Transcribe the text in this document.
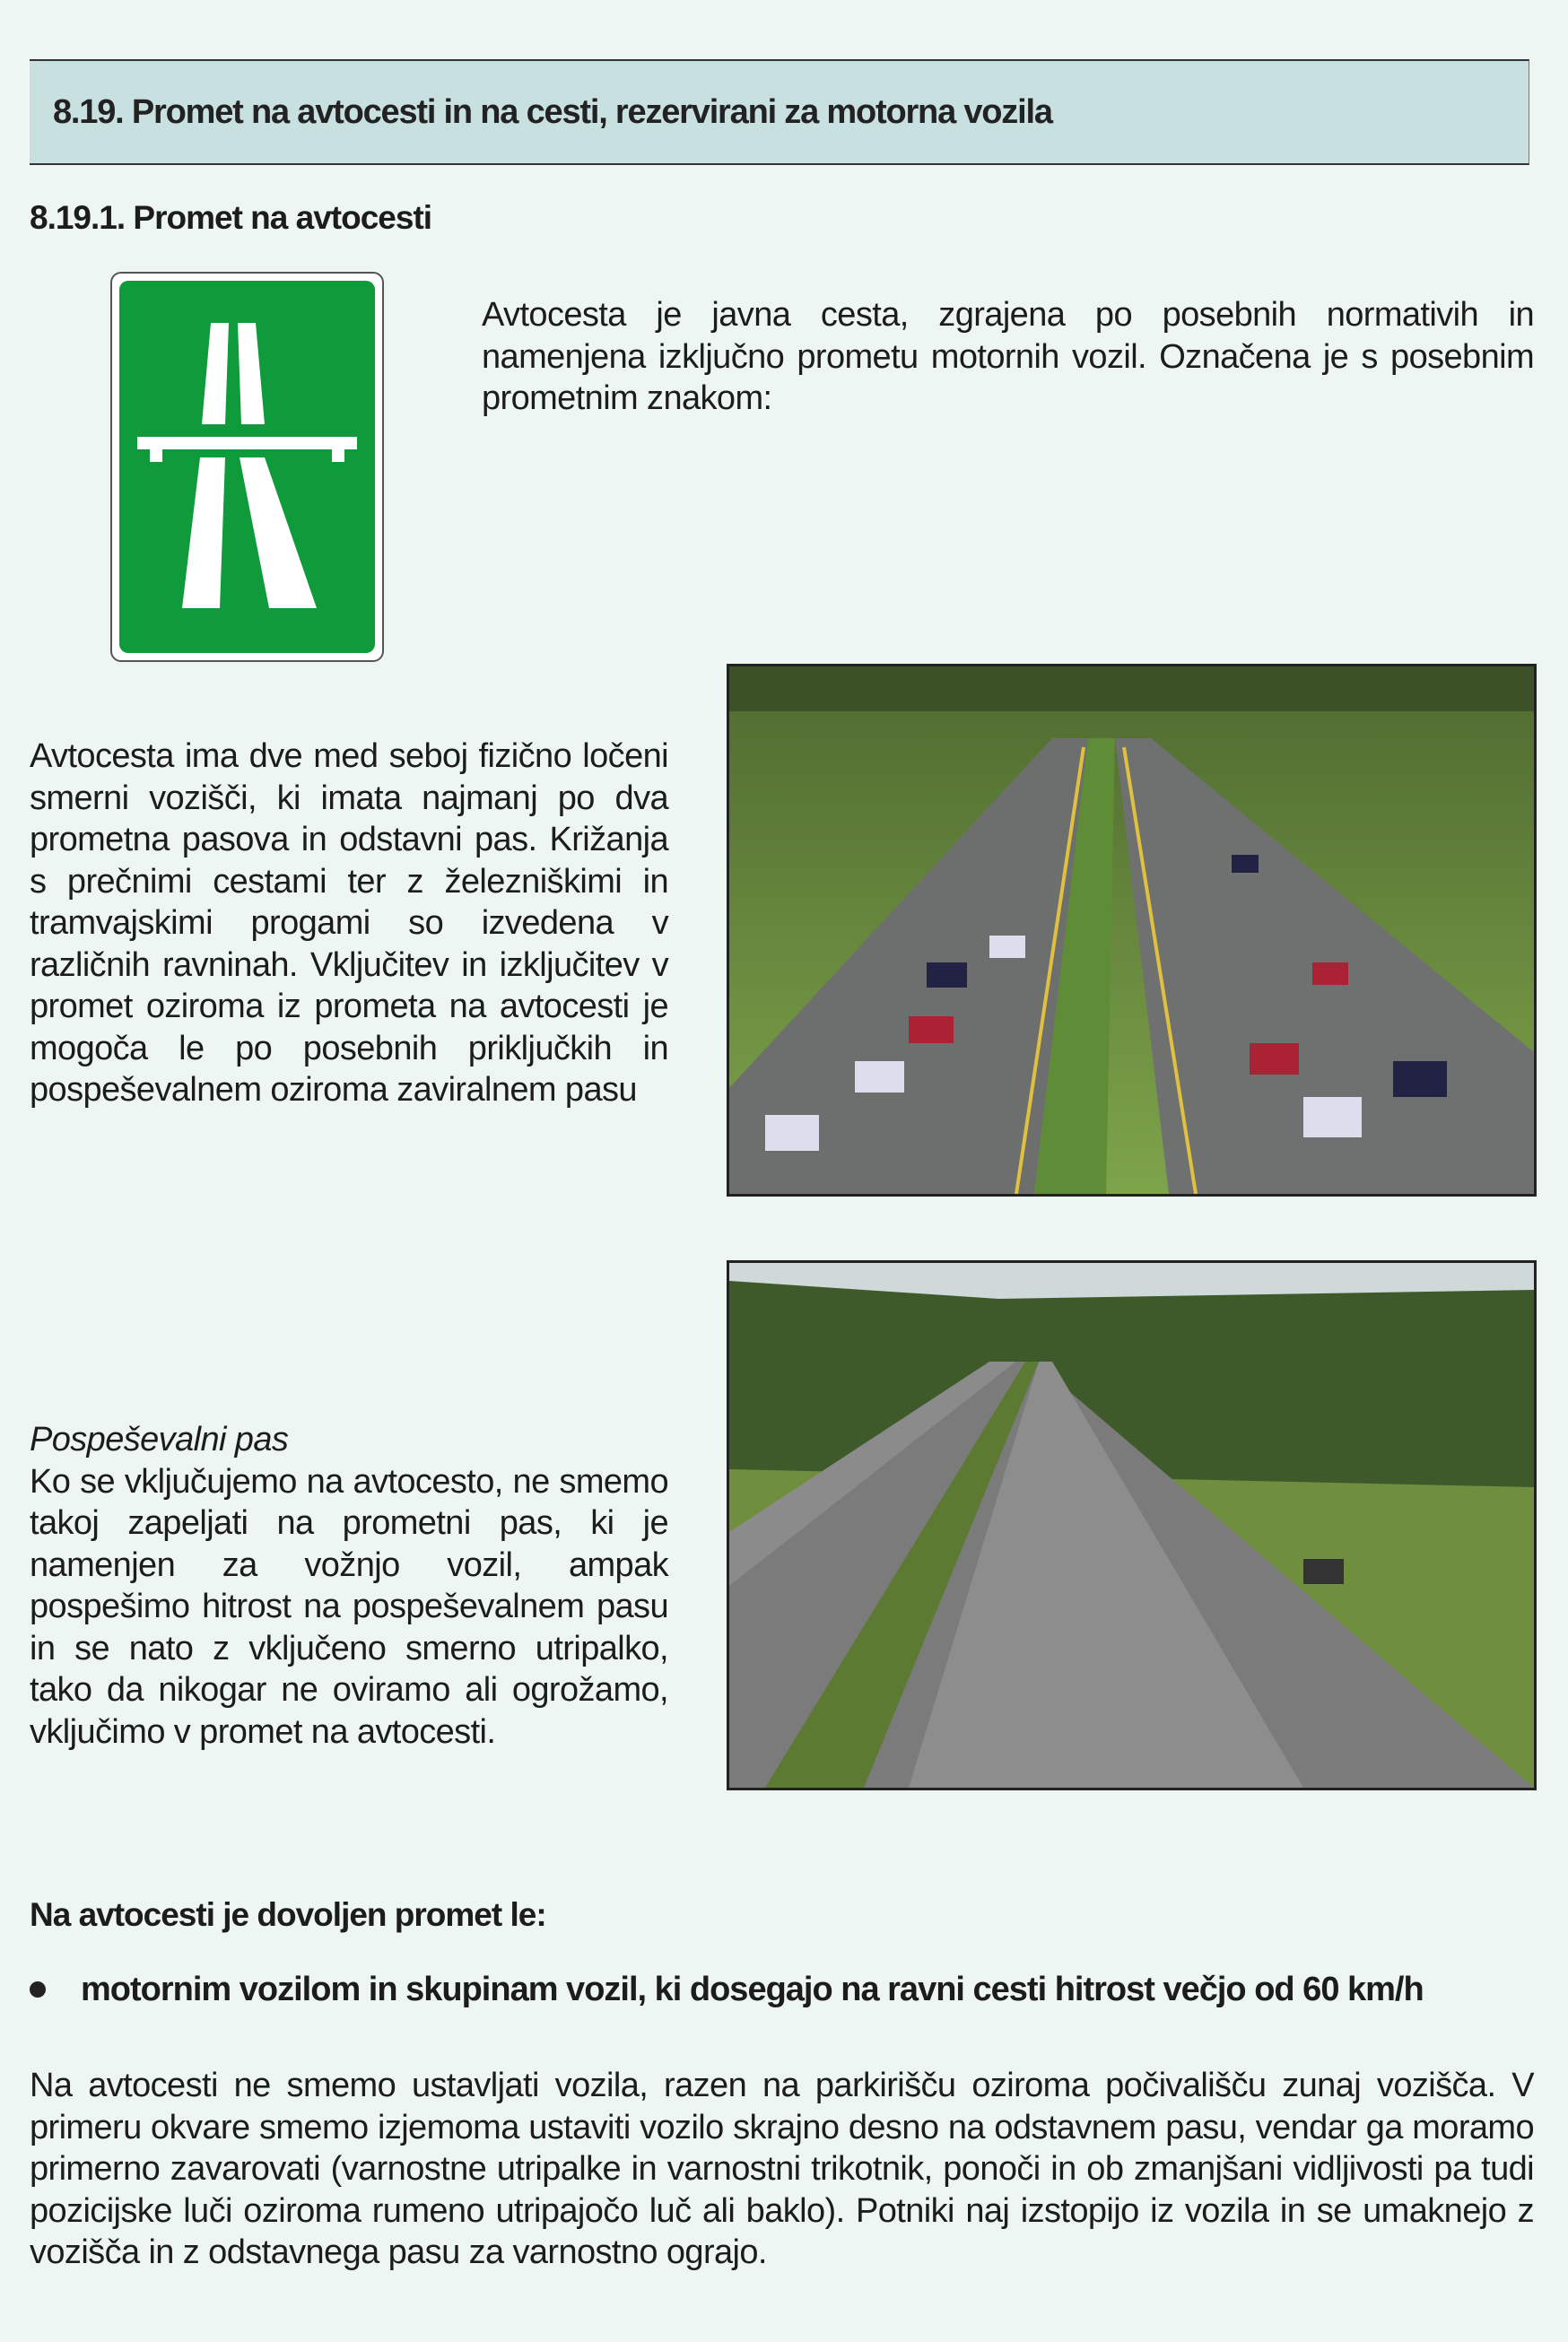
8.19. Promet na avtocesti in na cesti, rezervirani za motorna vozila
8.19.1. Promet na avtocesti
Avtocesta je javna cesta, zgrajena po posebnih normativih in namenjena izključno prometu motornih vozil. Označena je s posebnim prometnim znakom:
Avtocesta ima dve med seboj fizično ločeni smerni vozišči, ki imata najmanj po dva prometna pasova in odstavni pas. Križanja s prečnimi cestami ter z železniškimi in tramvajskimi progami so izvedena v različnih ravninah. Vključitev in izključitev v promet oziroma iz prometa na avtocesti je mogoča le po posebnih priključkih in pospeševalnem oziroma zaviralnem pasu
Pospeševalni pas
Ko se vključujemo na avtocesto, ne smemo takoj zapeljati na prometni pas, ki je namenjen za vožnjo vozil, ampak pospešimo hitrost na pospeševalnem pasu in se nato z vključeno smerno utripalko, tako da nikogar ne oviramo ali ogrožamo, vključimo v promet na avtocesti.
Na avtocesti je dovoljen promet le:
motornim vozilom in skupinam vozil, ki dosegajo na ravni cesti hitrost večjo od 60 km/h
Na avtocesti ne smemo ustavljati vozila, razen na parkirišču oziroma počivališču zunaj vozišča. V primeru okvare smemo izjemoma ustaviti vozilo skrajno desno na odstavnem pasu, vendar ga moramo primerno zavarovati (varnostne utripalke in varnostni trikotnik, ponoči in ob zmanjšani vidljivosti pa tudi pozicijske luči oziroma rumeno utripajočo luč ali baklo). Potniki naj izstopijo iz vozila in se umaknejo z vozišča in z odstavnega pasu za varnostno ograjo.
